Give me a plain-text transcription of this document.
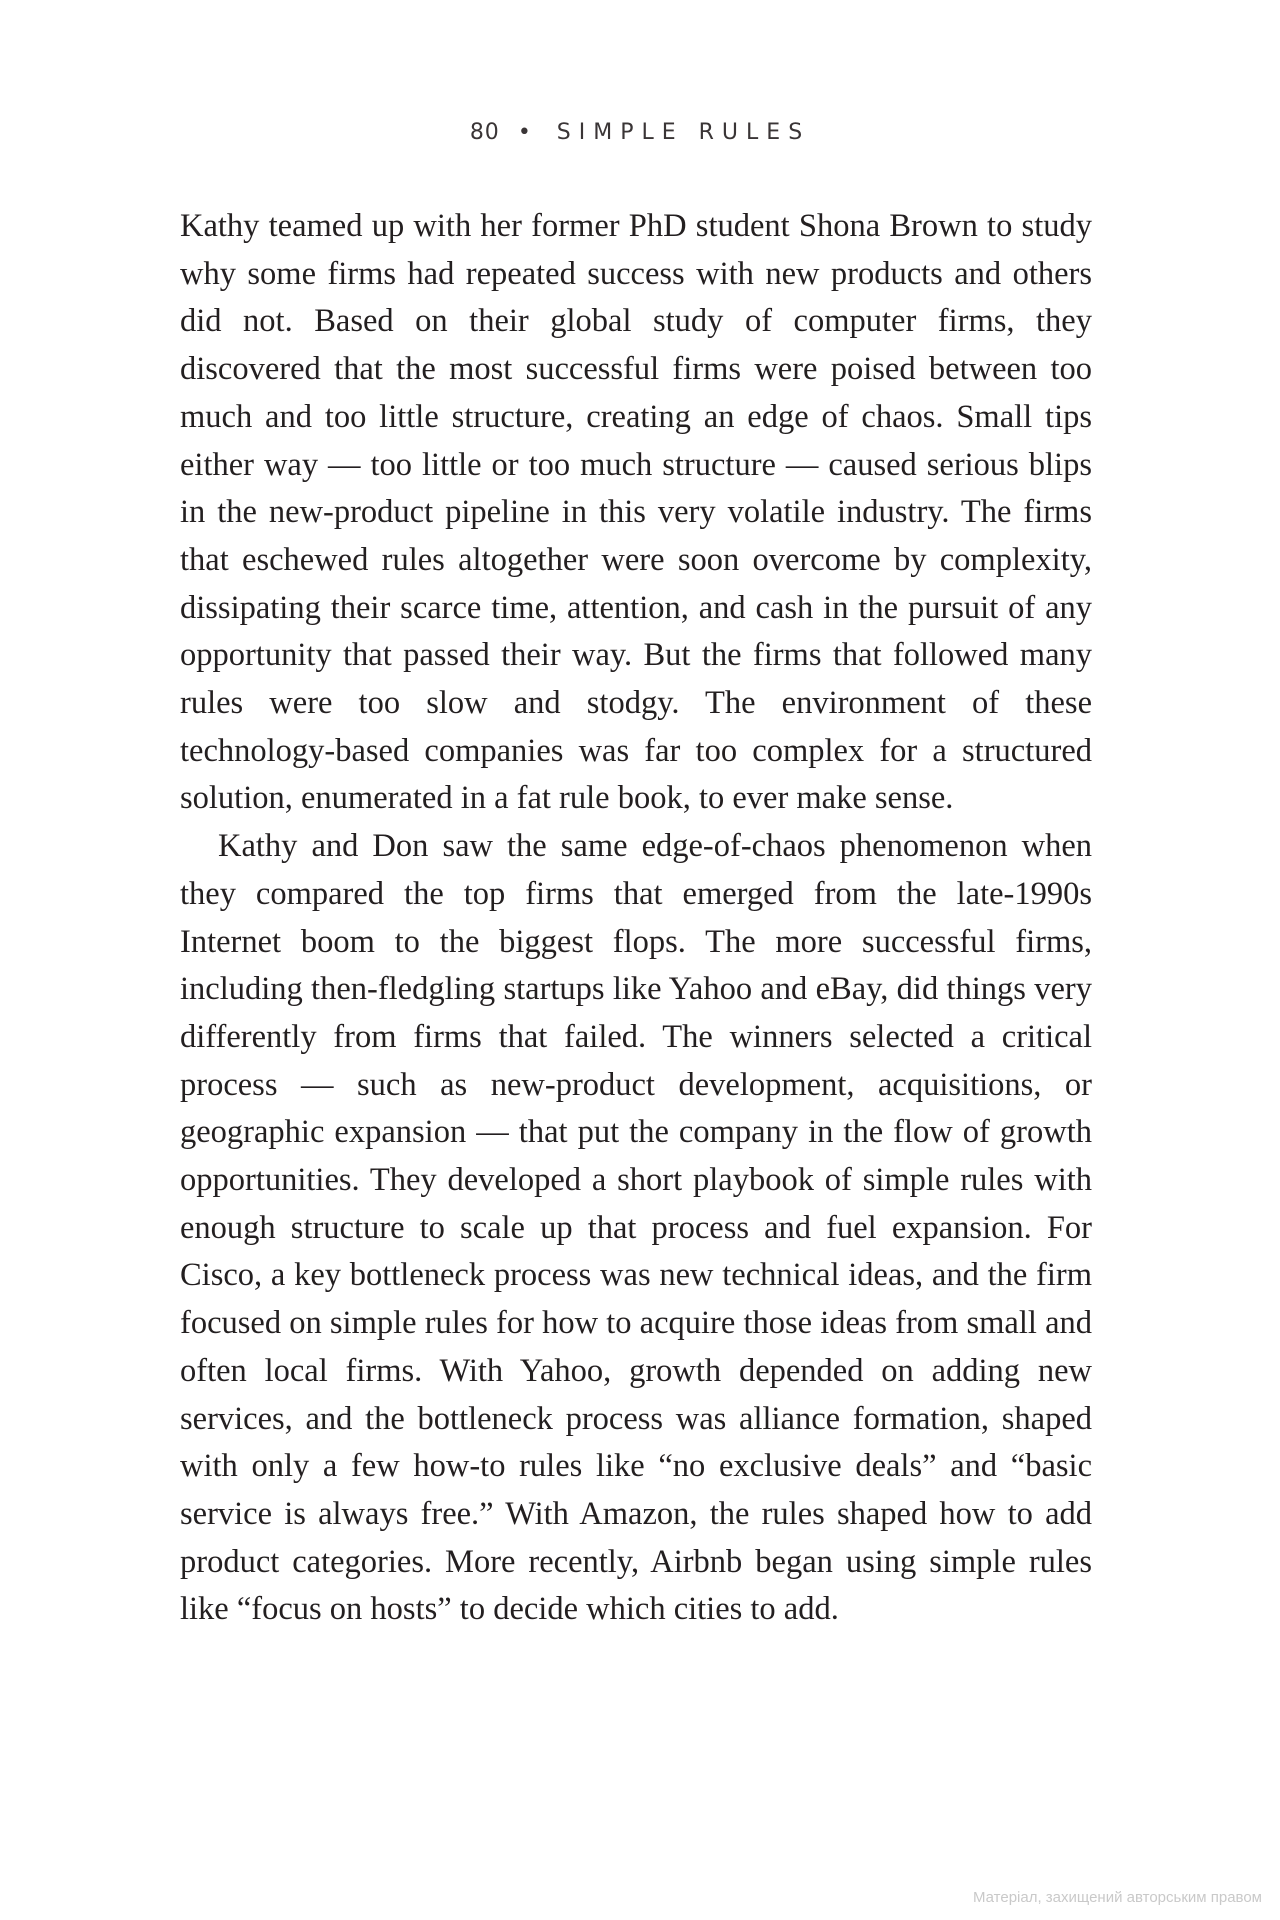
80 • SIMPLE RULES

Kathy teamed up with her former PhD student Shona Brown to study why some firms had repeated success with new products and others did not. Based on their global study of computer firms, they discovered that the most successful firms were poised between too much and too little structure, creating an edge of chaos. Small tips either way — too little or too much structure — caused serious blips in the new-product pipeline in this very volatile industry. The firms that eschewed rules altogether were soon overcome by complexity, dissipating their scarce time, attention, and cash in the pursuit of any opportunity that passed their way. But the firms that followed many rules were too slow and stodgy. The environment of these technology-based companies was far too complex for a structured solution, enumerated in a fat rule book, to ever make sense.

Kathy and Don saw the same edge-of-chaos phenomenon when they compared the top firms that emerged from the late-1990s Internet boom to the biggest flops. The more successful firms, including then-fledgling startups like Yahoo and eBay, did things very differently from firms that failed. The winners selected a critical process — such as new-product development, acquisitions, or geographic expansion — that put the company in the flow of growth opportunities. They developed a short playbook of simple rules with enough structure to scale up that process and fuel expansion. For Cisco, a key bottleneck process was new technical ideas, and the firm focused on simple rules for how to acquire those ideas from small and often local firms. With Yahoo, growth depended on adding new services, and the bottleneck process was alliance formation, shaped with only a few how-to rules like “no exclusive deals” and “basic service is always free.” With Amazon, the rules shaped how to add product categories. More recently, Airbnb began using simple rules like “focus on hosts” to decide which cities to add.

Матеріал, захищений авторським правом
